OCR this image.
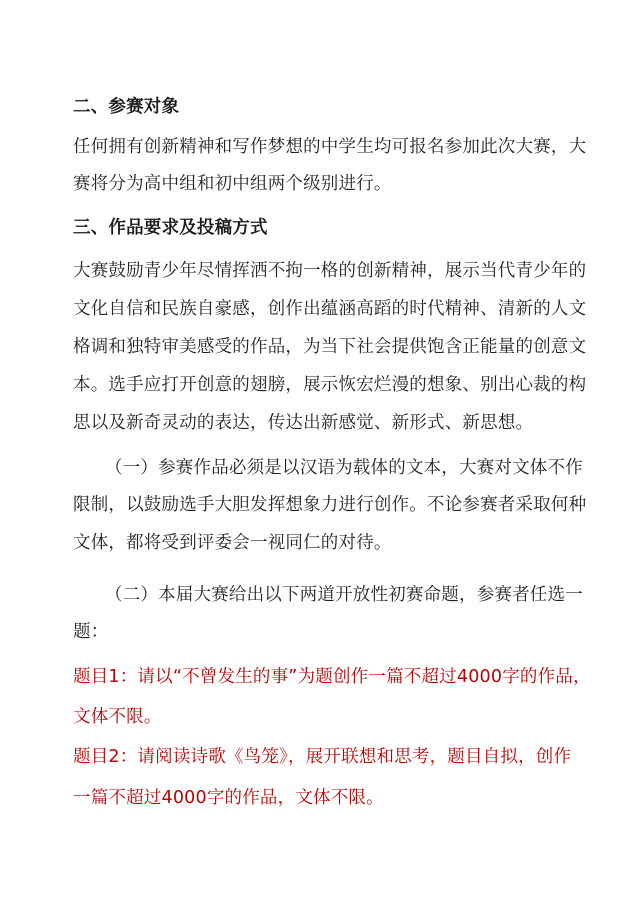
二、参赛对象
任何拥有创新精神和写作梦想的中学生均可报名参加此次大赛，大
赛将分为高中组和初中组两个级别进行。
三、作品要求及投稿方式
大赛鼓励青少年尽情挥洒不拘一格的创新精神，展示当代青少年的
文化自信和民族自豪感，创作出蕴涵高蹈的时代精神、清新的人文
格调和独特审美感受的作品，为当下社会提供饱含正能量的创意文
本。选手应打开创意的翅膀，展示恢宏烂漫的想象、别出心裁的构
思以及新奇灵动的表达，传达出新感觉、新形式、新思想。
（一）参赛作品必须是以汉语为载体的文本，大赛对文体不作
限制，以鼓励选手大胆发挥想象力进行创作。不论参赛者采取何种
文体，都将受到评委会一视同仁的对待。
（二）本届大赛给出以下两道开放性初赛命题，参赛者任选一
题：
题目1：请以“不曾发生的事”为题创作一篇不超过4000字的作品，
文体不限。
题目2：请阅读诗歌《鸟笼》，展开联想和思考，题目自拟，创作
一篇不超过4000字的作品，文体不限。
